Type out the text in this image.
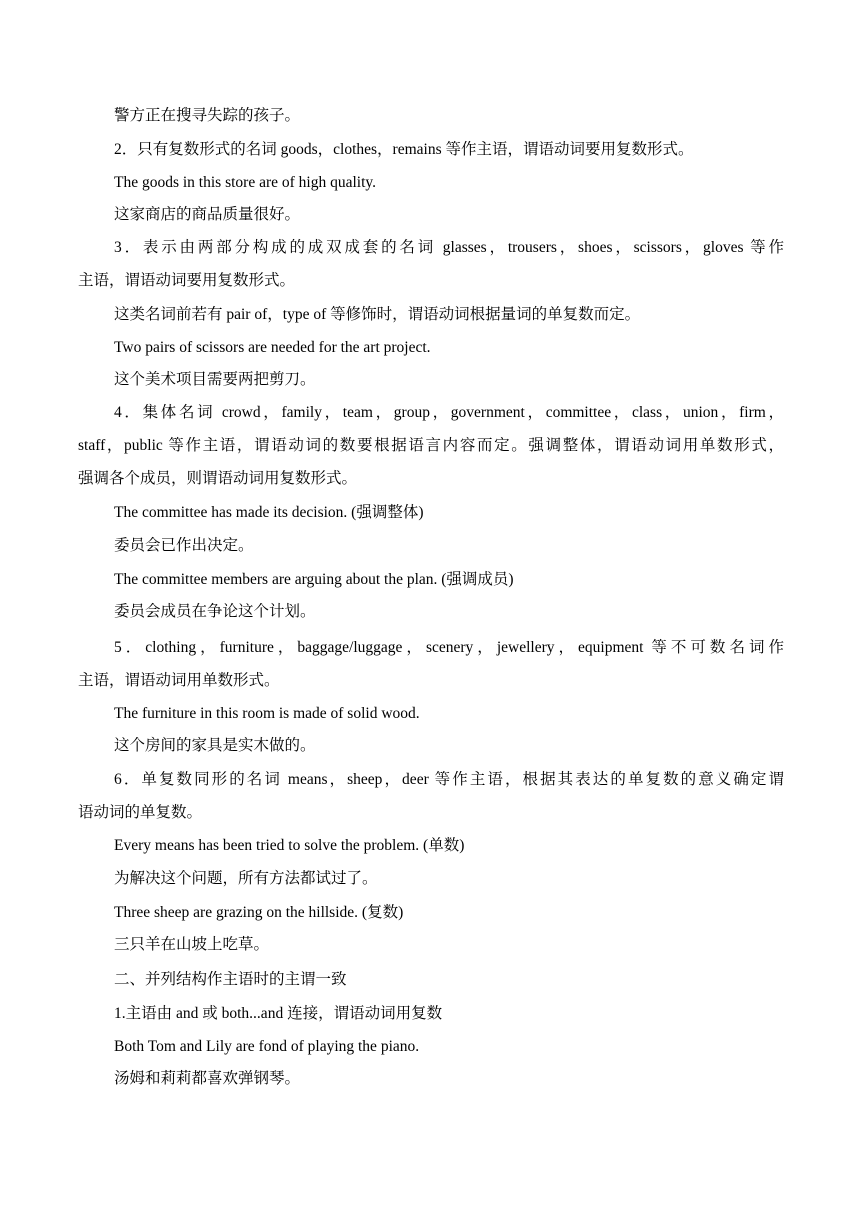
警方正在搜寻失踪的孩子。
2．只有复数形式的名词 goods，clothes，remains 等作主语，谓语动词要用复数形式。
The goods in this store are of high quality.
这家商店的商品质量很好。
3．表示由两部分构成的成双成套的名词 glasses，trousers，shoes，scissors，gloves 等作
主语，谓语动词要用复数形式。
这类名词前若有 pair of，type of 等修饰时，谓语动词根据量词的单复数而定。
Two pairs of scissors are needed for the art project.
这个美术项目需要两把剪刀。
4．集体名词 crowd，family，team，group，government，committee，class，union，firm，
staff，public 等作主语，谓语动词的数要根据语言内容而定。强调整体，谓语动词用单数形式，
强调各个成员，则谓语动词用复数形式。
The committee has made its decision. (强调整体)
委员会已作出决定。
The committee members are arguing about the plan. (强调成员)
委员会成员在争论这个计划。
5．clothing，furniture，baggage/luggage，scenery，jewellery，equipment 等不可数名词作
主语，谓语动词用单数形式。
The furniture in this room is made of solid wood.
这个房间的家具是实木做的。
6．单复数同形的名词 means，sheep，deer 等作主语，根据其表达的单复数的意义确定谓
语动词的单复数。
Every means has been tried to solve the problem. (单数)
为解决这个问题，所有方法都试过了。
Three sheep are grazing on the hillside. (复数)
三只羊在山坡上吃草。
二、并列结构作主语时的主谓一致
1.主语由 and 或 both...and 连接，谓语动词用复数
Both Tom and Lily are fond of playing the piano.
汤姆和莉莉都喜欢弹钢琴。
